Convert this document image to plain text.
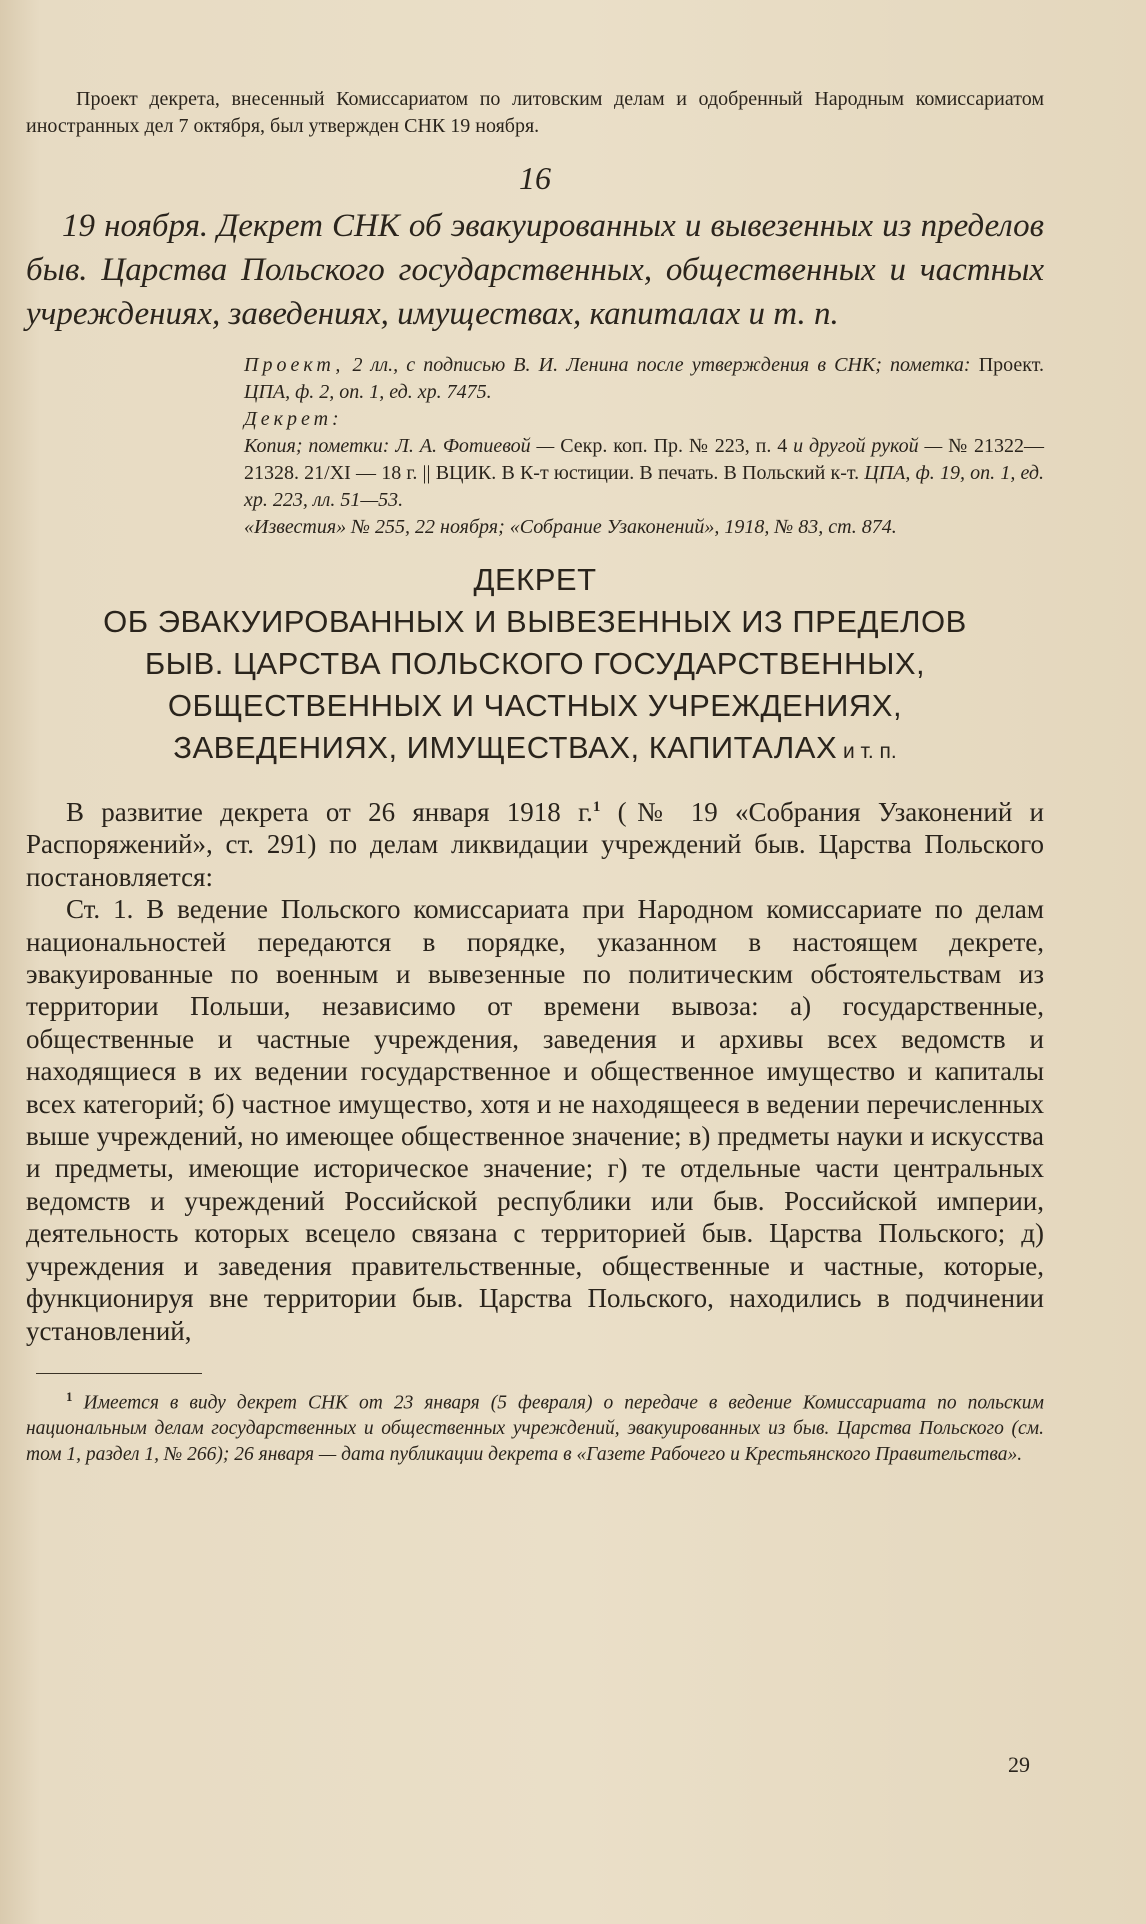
Проект декрета, внесенный Комиссариатом по литовским делам и одобренный Народным комиссариатом иностранных дел 7 октября, был утвержден СНК 19 ноября.

16

19 ноября. Декрет СНК об эвакуированных и вывезенных из пределов быв. Царства Польского государственных, общественных и частных учреждениях, заведениях, имуществах, капиталах и т. п.

Проект, 2 лл., с подписью В. И. Ленина после утверждения в СНК; пометка: Проект. ЦПА, ф. 2, оп. 1, ед. хр. 7475.

Декрет:

Копия; пометки: Л. А. Фотиевой — Секр. коп. Пр. № 223, п. 4 и другой рукой — № 21322—21328. 21/XI — 18 г. || ВЦИК. В К-т юстиции. В печать. В Польский к-т. ЦПА, ф. 19, оп. 1, ед. хр. 223, лл. 51—53.

«Известия» № 255, 22 ноября; «Собрание Узаконений», 1918, № 83, ст. 874.

ДЕКРЕТ
ОБ ЭВАКУИРОВАННЫХ И ВЫВЕЗЕННЫХ ИЗ ПРЕДЕЛОВ
БЫВ. ЦАРСТВА ПОЛЬСКОГО ГОСУДАРСТВЕННЫХ,
ОБЩЕСТВЕННЫХ И ЧАСТНЫХ УЧРЕЖДЕНИЯХ,
ЗАВЕДЕНИЯХ, ИМУЩЕСТВАХ, КАПИТАЛАХ и т. п.

В развитие декрета от 26 января 1918 г.$^1$ (№ 19 «Собрания Узаконений и Распоряжений», ст. 291) по делам ликвидации учреждений быв. Царства Польского постановляется:

Ст. 1. В ведение Польского комиссариата при Народном комиссариате по делам национальностей передаются в порядке, указанном в настоящем декрете, эвакуированные по военным и вывезенные по политическим обстоятельствам из территории Польши, независимо от времени вывоза: а) государственные, общественные и частные учреждения, заведения и архивы всех ведомств и находящиеся в их ведении государственное и общественное имущество и капиталы всех категорий; б) частное имущество, хотя и не находящееся в ведении перечисленных выше учреждений, но имеющее общественное значение; в) предметы науки и искусства и предметы, имеющие историческое значение; г) те отдельные части центральных ведомств и учреждений Российской республики или быв. Российской империи, деятельность которых всецело связана с территорией быв. Царства Польского; д) учреждения и заведения правительственные, общественные и частные, которые, функционируя вне территории быв. Царства Польского, находились в подчинении установлений,

$^1$ Имеется в виду декрет СНК от 23 января (5 февраля) о передаче в ведение Комиссариата по польским национальным делам государственных и общественных учреждений, эвакуированных из быв. Царства Польского (см. том 1, раздел 1, № 266); 26 января — дата публикации декрета в «Газете Рабочего и Крестьянского Правительства».

29
